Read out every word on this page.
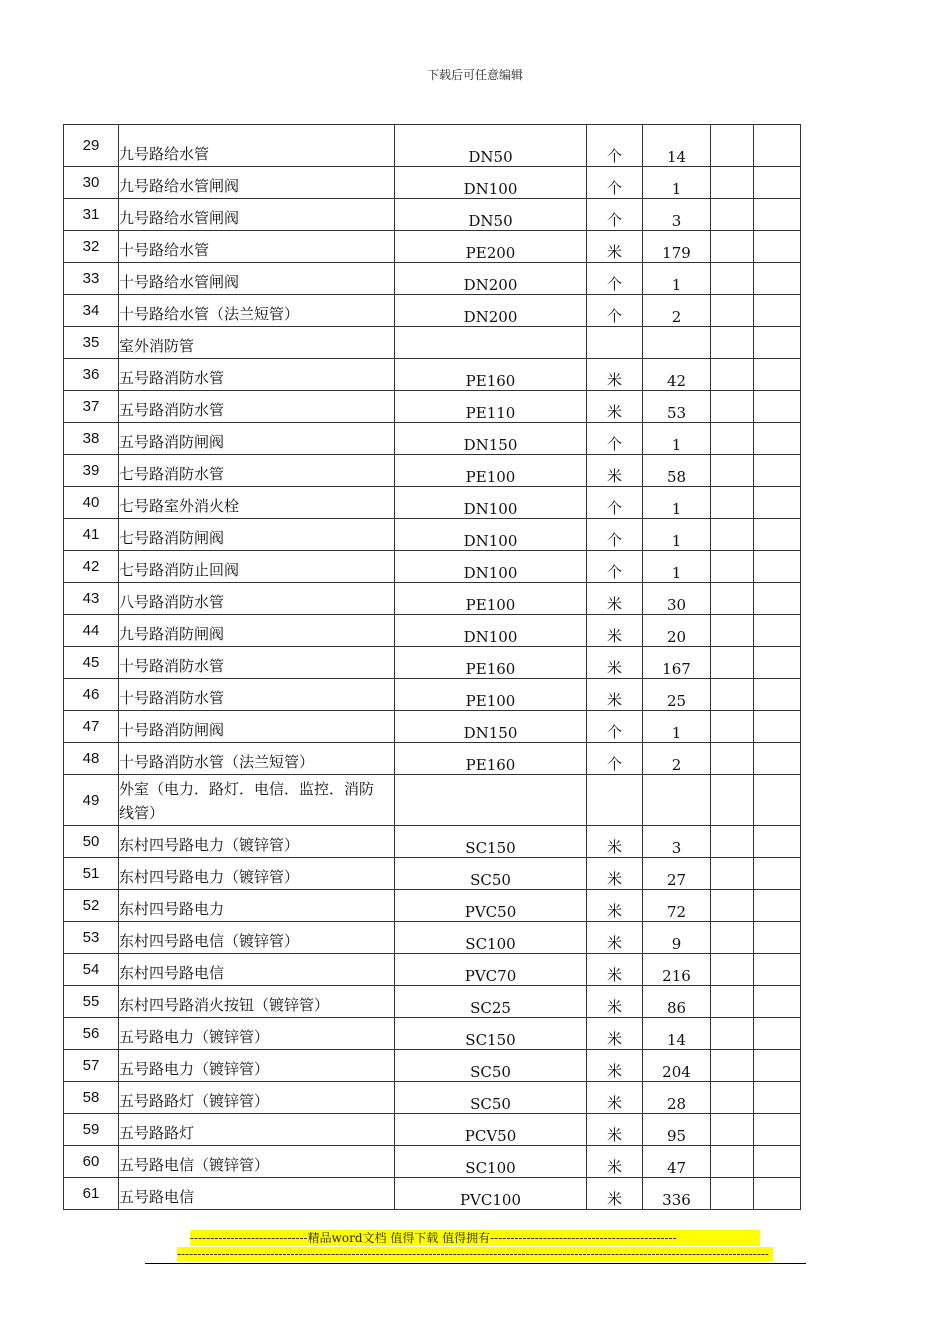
下载后可任意编辑
29	九号路给水管	DN50	个	14		
30	九号路给水管闸阀	DN100	个	1		
31	九号路给水管闸阀	DN50	个	3		
32	十号路给水管	PE200	米	179		
33	十号路给水管闸阀	DN200	个	1		
34	十号路给水管（法兰短管）	DN200	个	2		
35	室外消防管					
36	五号路消防水管	PE160	米	42		
37	五号路消防水管	PE110	米	53		
38	五号路消防闸阀	DN150	个	1		
39	七号路消防水管	PE100	米	58		
40	七号路室外消火栓	DN100	个	1		
41	七号路消防闸阀	DN100	个	1		
42	七号路消防止回阀	DN100	个	1		
43	八号路消防水管	PE100	米	30		
44	九号路消防闸阀	DN100	米	20		
45	十号路消防水管	PE160	米	167		
46	十号路消防水管	PE100	米	25		
47	十号路消防闸阀	DN150	个	1		
48	十号路消防水管（法兰短管）	PE160	个	2		
49	外室（电力．路灯．电信．监控．消防线管）					
50	东村四号路电力（镀锌管）	SC150	米	3		
51	东村四号路电力（镀锌管）	SC50	米	27		
52	东村四号路电力	PVC50	米	72		
53	东村四号路电信（镀锌管）	SC100	米	9		
54	东村四号路电信	PVC70	米	216		
55	东村四号路消火按钮（镀锌管）	SC25	米	86		
56	五号路电力（镀锌管）	SC150	米	14		
57	五号路电力（镀锌管）	SC50	米	204		
58	五号路路灯（镀锌管）	SC50	米	28		
59	五号路路灯	PCV50	米	95		
60	五号路电信（镀锌管）	SC100	米	47		
61	五号路电信	PVC100	米	336		
-----------------------------精品word文档 值得下载 值得拥有----------------------------------------------
--------------------------------------------------------------------------------------------------------------------------------------------------
